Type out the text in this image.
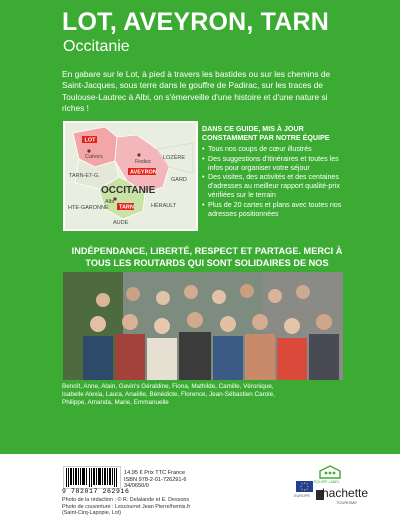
LOT, AVEYRON, TARN
Occitanie
En gabare sur le Lot, à pied à travers les bastides ou sur les chemins de Saint-Jacques, sous terre dans le gouffre de Padirac, sur les traces de Toulouse-Lautrec à Albi, on s'émerveille d'une histoire et d'une nature si riches !
LOT
Cahors
Rodez
LOZÈRE
TARN-ET-G.
AVEYRON
GARD
OCCITANIE
Albi
TARN
HTE-GARONNE	HÉRAULT
AUDE
DANS CE GUIDE, MIS À JOUR CONSTAMMENT PAR NOTRE ÉQUIPE
• Tous nos coups de cœur illustrés
• Des suggestions d'itinéraires et toutes les infos pour organiser votre séjour
• Des visites, des activités et des centaines d'adresses au meilleur rapport qualité-prix vérifiées sur le terrain
• Plus de 20 cartes et plans avec toutes nos adresses positionnées
INDÉPENDANCE, LIBERTÉ, RESPECT ET PARTAGE. MERCI À TOUS LES ROUTARDS QUI SONT SOLIDAIRES DE NOS
Benoît, Anne, Alain, Gavin's Géraldine, Fiona, Mathilde, Camille, Véronique, Isabelle Alexia, Laura, Anaëlle, Bénédicte, Florence, Jean-Sébastien Carole, Philippe, Amanda, Marie, Emmanuelle
9 782017 262916
14,95 € Prix TTC France
ISBN 978-2-01-726291-6
34/0650/0
Photo de la rédaction : © R. Delalande et E. Dessons
Photo de couverture : Lescourret Jean Pierre/hemis.fr
(Saint-Cirq-Lapopie, Lot)
EUROPE
ÉQUIPE LABEL
hachette
TOURISME
